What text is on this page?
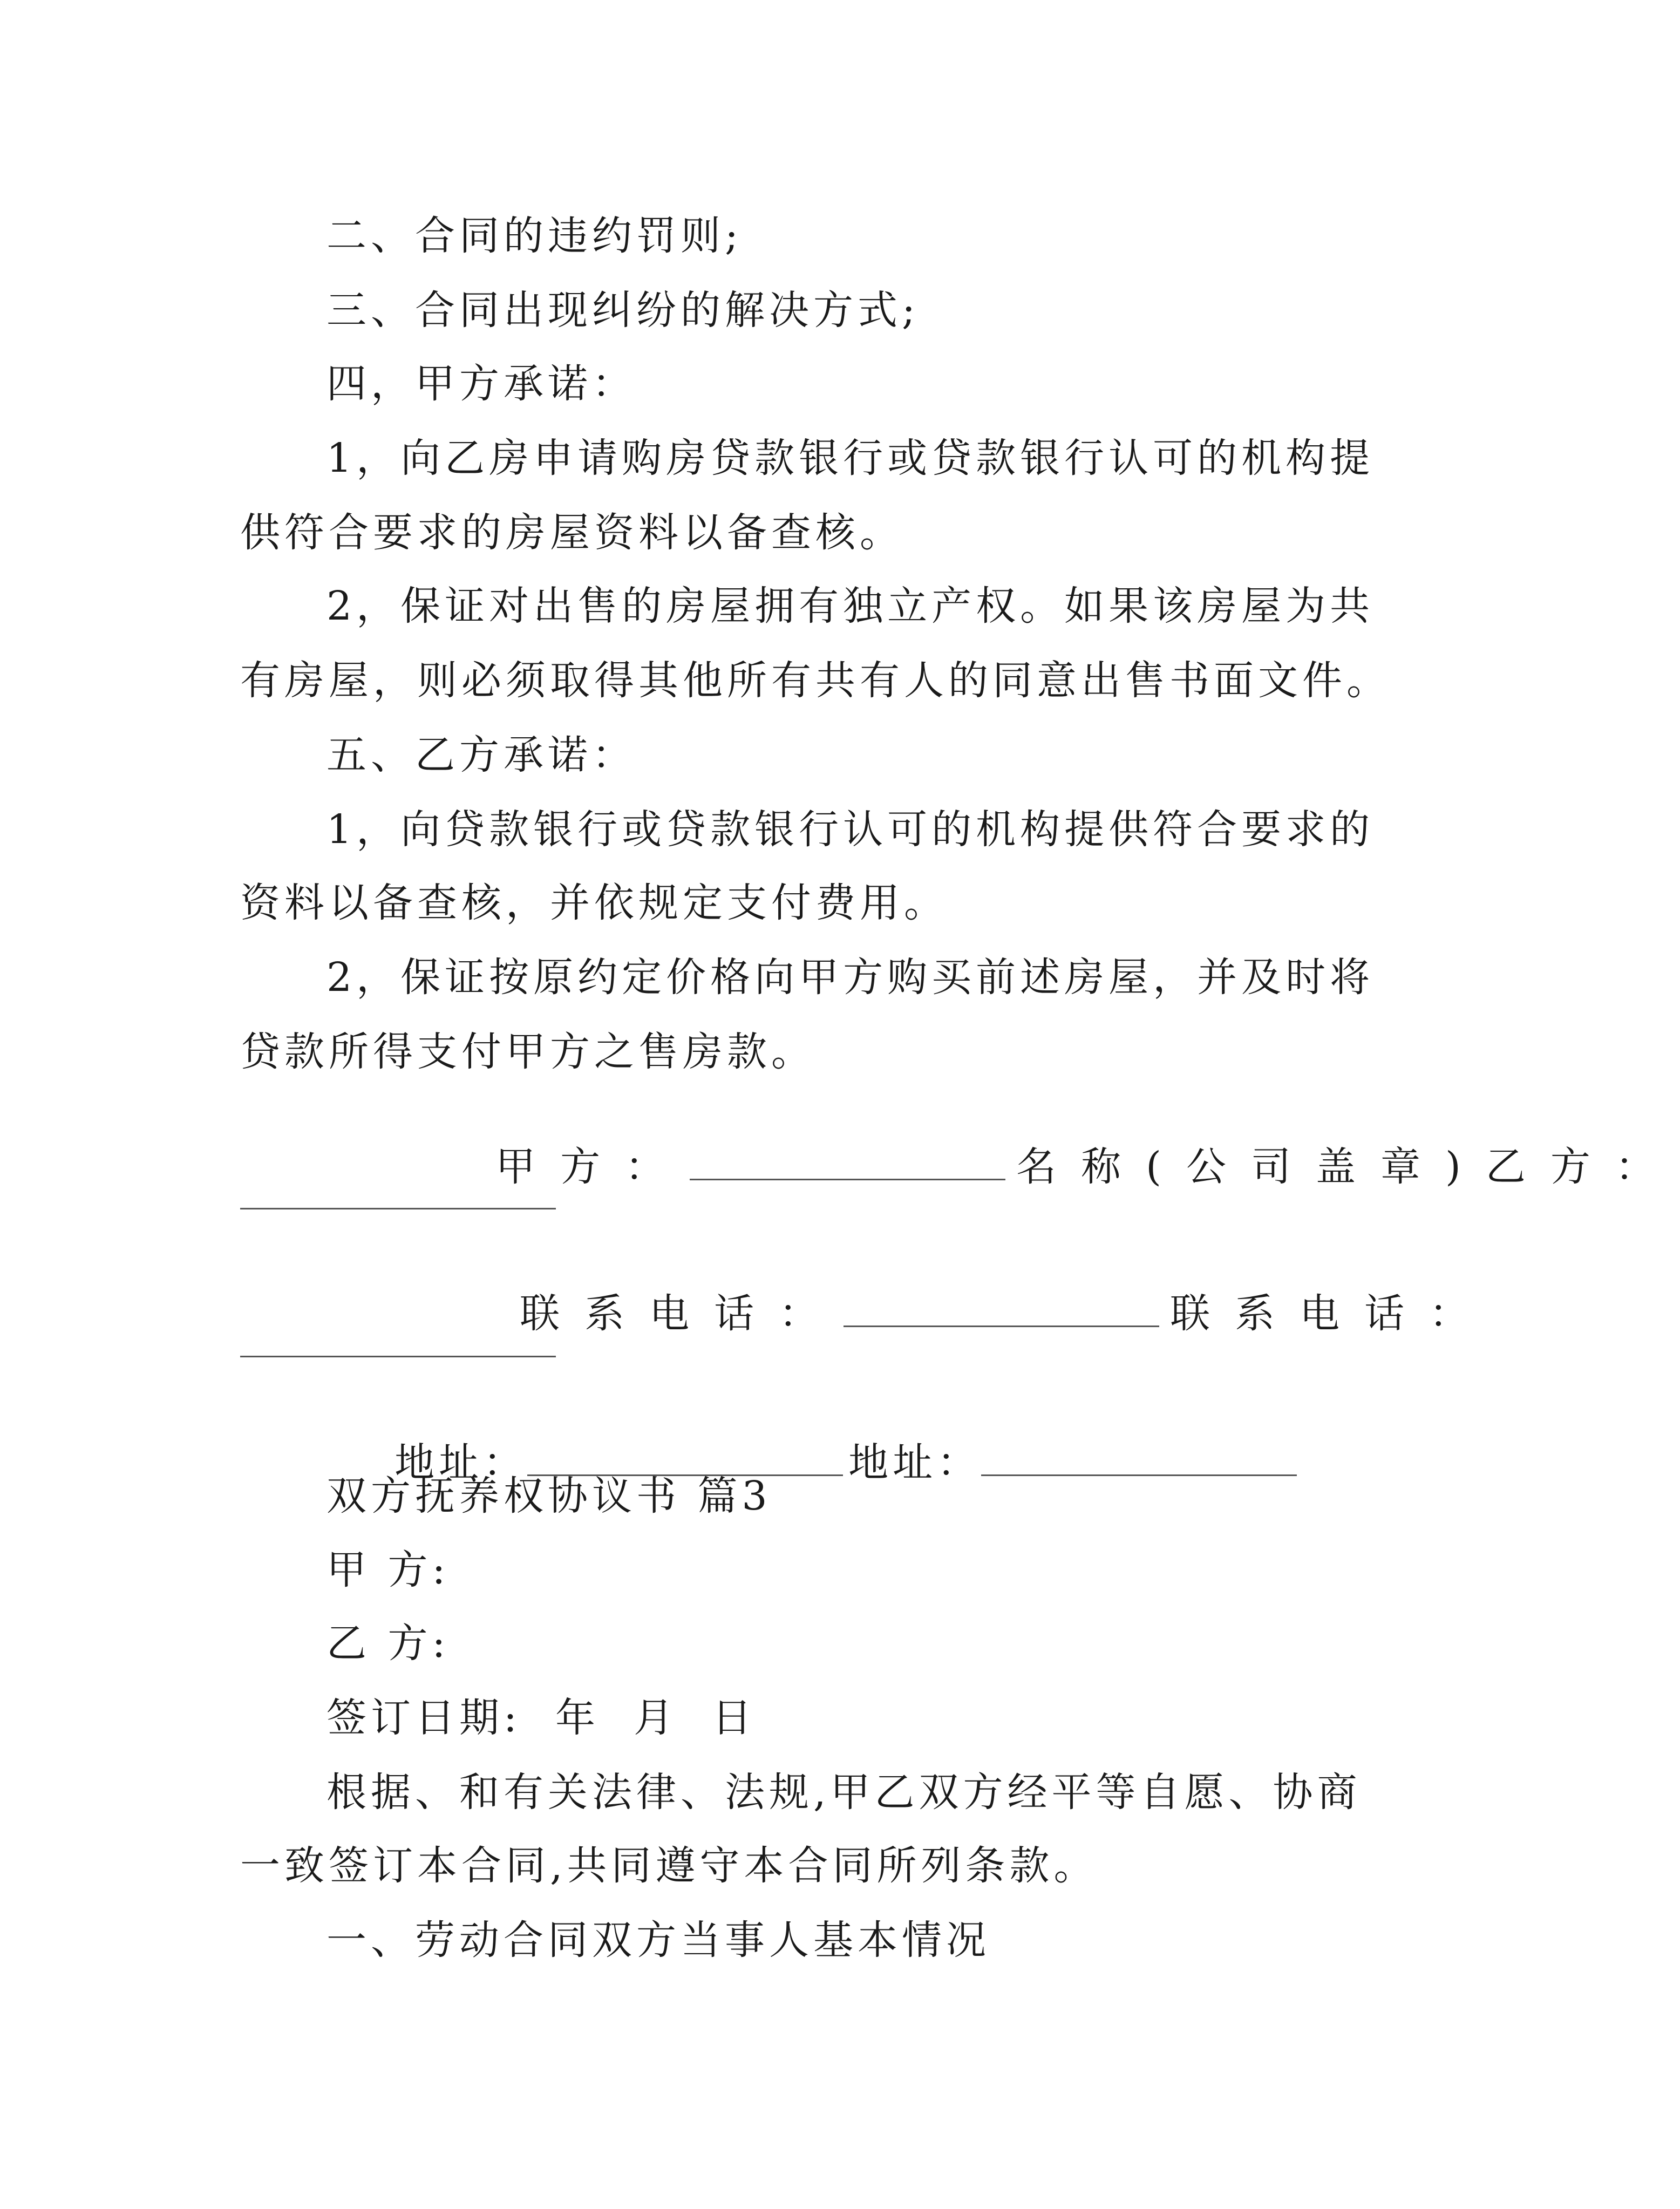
二、合同的违约罚则;
三、合同出现纠纷的解决方式;
四，甲方承诺：
1，向乙房申请购房贷款银行或贷款银行认可的机构提
供符合要求的房屋资料以备查核。
2，保证对出售的房屋拥有独立产权。如果该房屋为共
有房屋，则必须取得其他所有共有人的同意出售书面文件。
五、乙方承诺：
1，向贷款银行或贷款银行认可的机构提供符合要求的
资料以备查核，并依规定支付费用。
2，保证按原约定价格向甲方购买前述房屋，并及时将
贷款所得支付甲方之售房款。

甲方：	名称(公司盖章)乙方：

联系电话：	联系电话：

地址：	地址：

双方抚养权协议书 篇3
甲 方:
乙 方:
签订日期:  年  月  日
根据、和有关法律、法规,甲乙双方经平等自愿、协商
一致签订本合同,共同遵守本合同所列条款。
一、劳动合同双方当事人基本情况
